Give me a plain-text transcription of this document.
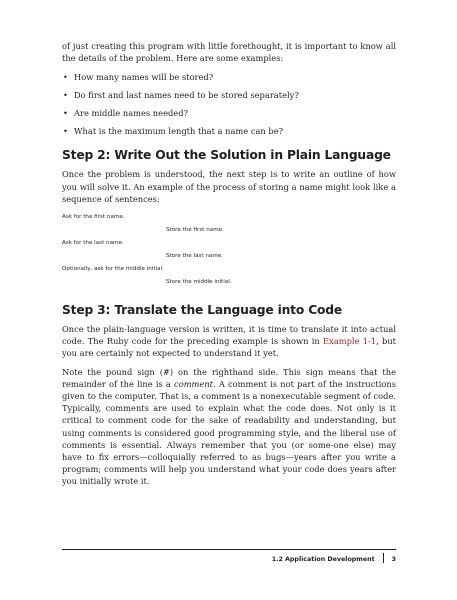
of just creating this program with little forethought, it is important to know all the details of the problem. Here are some examples:

• How many names will be stored?
• Do first and last names need to be stored separately?
• Are middle names needed?
• What is the maximum length that a name can be?
Step 2: Write Out the Solution in Plain Language

Once the problem is understood, the next step is to write an outline of how you will solve it. An example of the process of storing a name might look like a sequence of sentences:

Ask for the first name.
Store the first name.
Ask for the last name.
Store the last name.
Optionally, ask for the middle initial.
Store the middle initial.
Step 3: Translate the Language into Code

Once the plain-language version is written, it is time to translate it into actual code. The Ruby code for the preceding example is shown in Example 1-1, but you are certainly not expected to understand it yet.

Note the pound sign (#) on the righthand side. This sign means that the remainder of the line is a comment. A comment is not part of the instructions given to the computer. That is, a comment is a nonexecutable segment of code. Typically, comments are used to explain what the code does. Not only is it critical to comment code for the sake of readability and understanding, but using comments is considered good programming style, and the liberal use of comments is essential. Always remember that you (or some-one else) may have to fix errors—colloquially referred to as bugs—years after you write a program; comments will help you understand what your code does years after you initially wrote it.

1.2 Application Development	3
